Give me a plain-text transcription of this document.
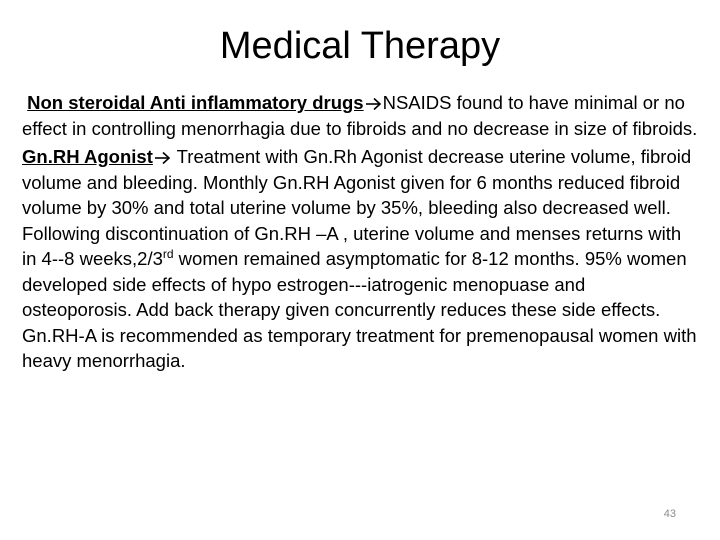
Medical Therapy

Non steroidal Anti inflammatory drugs NSAIDS found to have minimal or no effect in controlling menorrhagia due to fibroids and no decrease in size of fibroids.

Gn.RH Agonist Treatment with Gn.Rh Agonist decrease uterine volume, fibroid volume and bleeding. Monthly Gn.RH Agonist given for 6 months reduced fibroid volume by 30% and total uterine volume by 35%, bleeding also decreased well. Following discontinuation of Gn.RH –A , uterine volume and menses returns with in 4--8 weeks,2/3rd women remained asymptomatic for 8-12 months. 95% women developed side effects of hypo estrogen---iatrogenic menopuase and osteoporosis. Add back therapy given concurrently reduces these side effects. Gn.RH-A is recommended as temporary treatment for premenopausal women with heavy menorrhagia.

43
